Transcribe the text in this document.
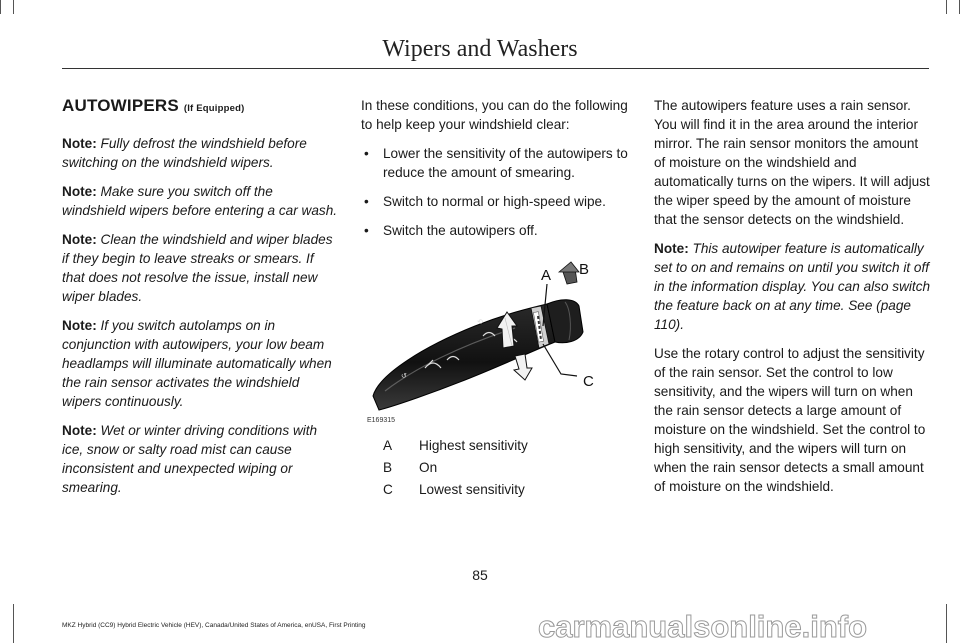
Wipers and Washers
AUTOWIPERS (If Equipped)

Note: Fully defrost the windshield before switching on the windshield wipers.

Note: Make sure you switch off the windshield wipers before entering a car wash.

Note: Clean the windshield and wiper blades if they begin to leave streaks or smears. If that does not resolve the issue, install new wiper blades.

Note: If you switch autolamps on in conjunction with autowipers, your low beam headlamps will illuminate automatically when the rain sensor activates the windshield wipers continuously.

Note: Wet or winter driving conditions with ice, snow or salty road mist can cause inconsistent and unexpected wiping or smearing.

In these conditions, you can do the following to help keep your windshield clear:

• Lower the sensitivity of the autowipers to reduce the amount of smearing.
• Switch to normal or high-speed wipe.
• Switch the autowipers off.
↺
⟲
A B
C
E169315
A	Highest sensitivity
B	On
C	Lowest sensitivity

The autowipers feature uses a rain sensor. You will find it in the area around the interior mirror. The rain sensor monitors the amount of moisture on the windshield and automatically turns on the wipers. It will adjust the wiper speed by the amount of moisture that the sensor detects on the windshield.

Note: This autowiper feature is automatically set to on and remains on until you switch it off in the information display. You can also switch the feature back on at any time. See (page 110).

Use the rotary control to adjust the sensitivity of the rain sensor. Set the control to low sensitivity, and the wipers will turn on when the rain sensor detects a large amount of moisture on the windshield. Set the control to high sensitivity, and the wipers will turn on when the rain sensor detects a small amount of moisture on the windshield.

85
MKZ Hybrid (CC9) Hybrid Electric Vehicle (HEV), Canada/United States of America, enUSA, First Printing	carmanualsonline.info
